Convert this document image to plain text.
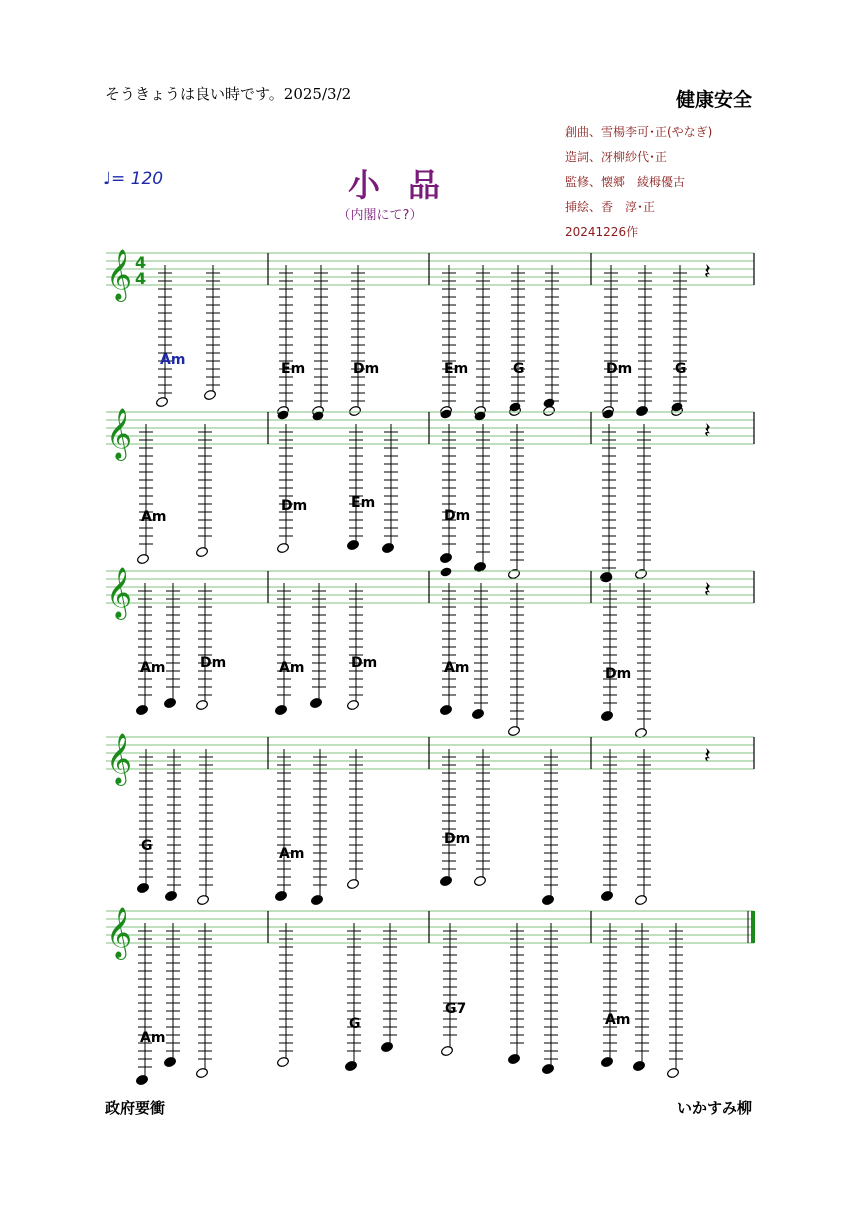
そうきょうは良い時です。2025/3/2	健康安全
創曲、雪楊李可･正(やなぎ)
造詞、冴柳紗代･正
監修、懐郷　綾栂優古
挿絵、香　淳･正
20241226作
♩= 120	小品
（内閣にて?）
𝄞 4
4	𝄽
Am
Em	Dm	Em	G	Dm	G
𝄞	𝄽
Am
Dm	Em
Dm
𝄞	𝄽
Am Dm	Am	Dm	Am	Dm
𝄞	𝄽
G	Am
Dm
𝄞
Am
G
G7
Am
政府要衝	いかすみ柳
